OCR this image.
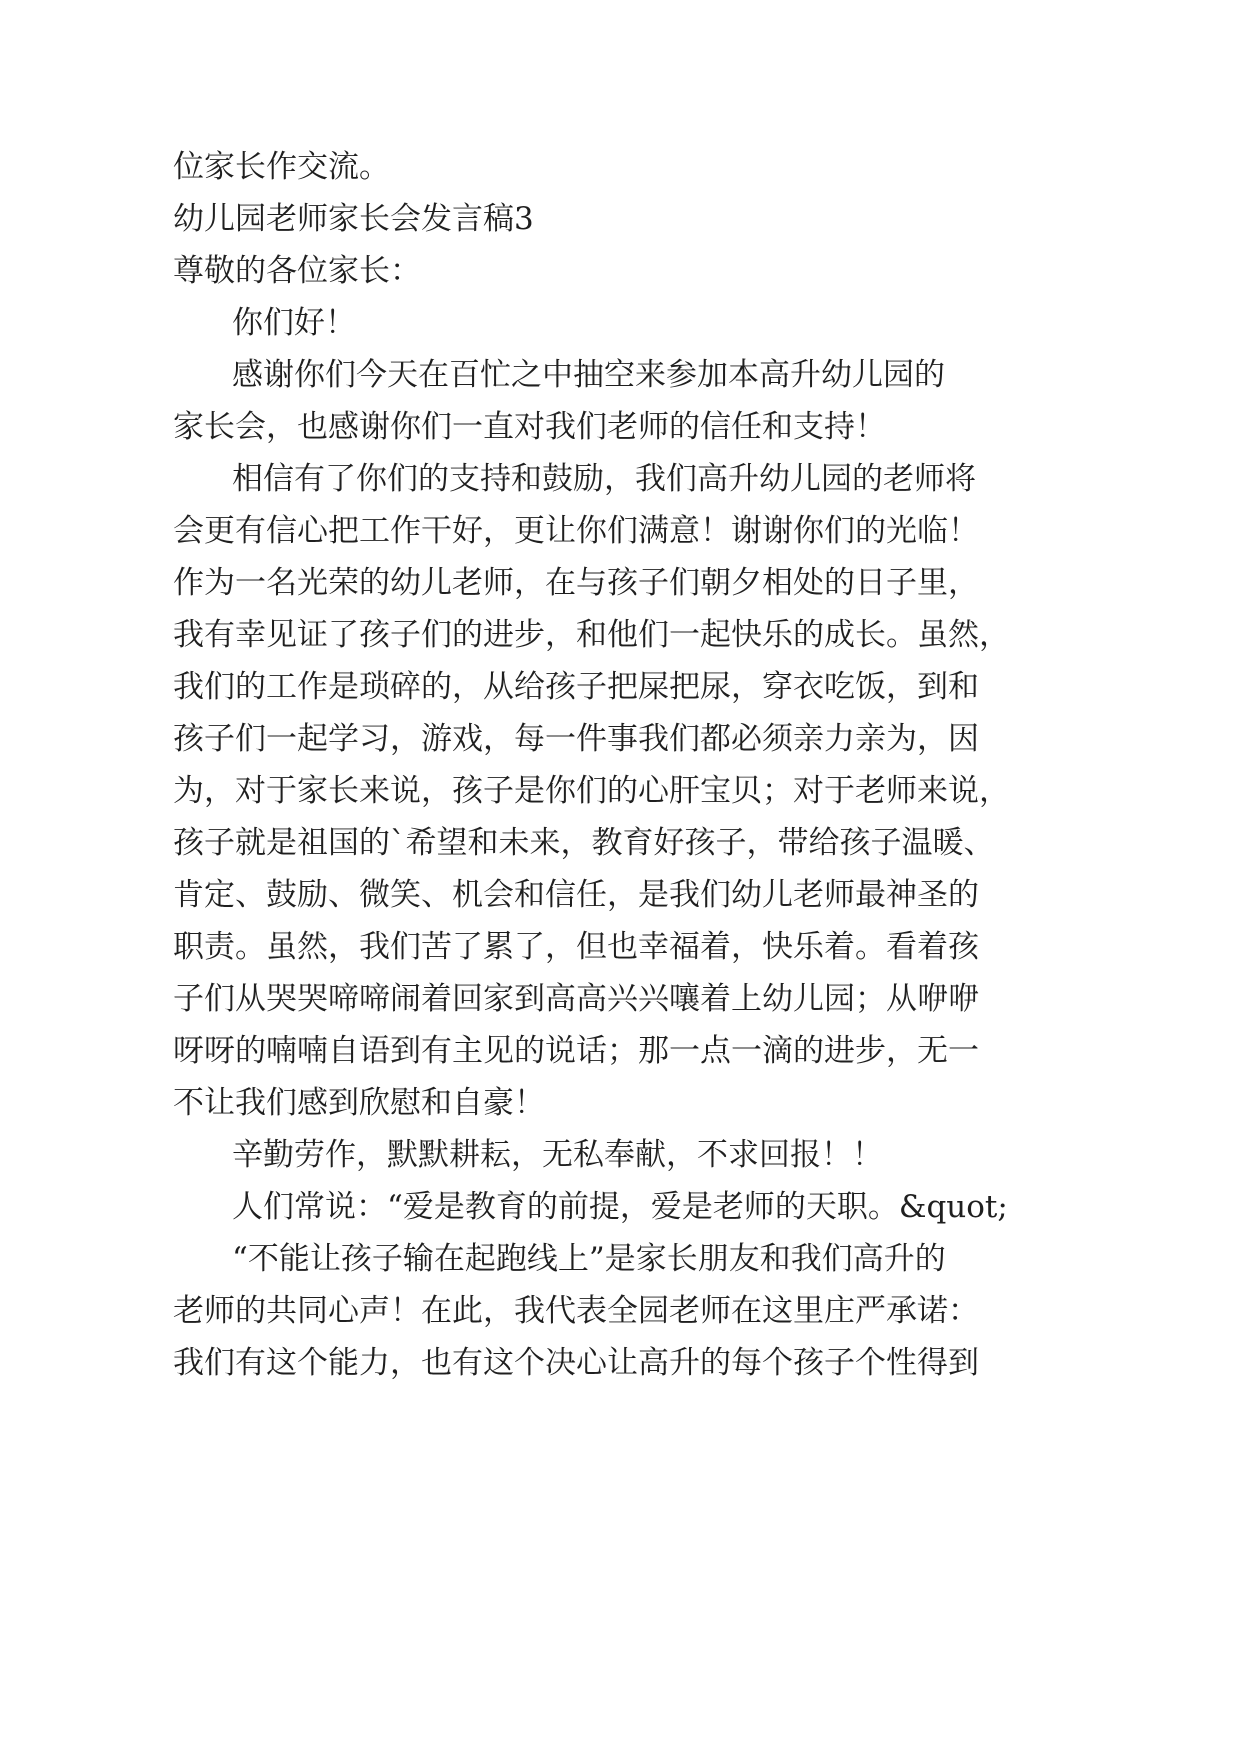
位家长作交流。

幼儿园老师家长会发言稿3

尊敬的各位家长：

你们好！

感谢你们今天在百忙之中抽空来参加本高升幼儿园的

家长会，也感谢你们一直对我们老师的信任和支持！

相信有了你们的支持和鼓励，我们高升幼儿园的老师将

会更有信心把工作干好，更让你们满意！谢谢你们的光临！

作为一名光荣的幼儿老师，在与孩子们朝夕相处的日子里，

我有幸见证了孩子们的进步，和他们一起快乐的成长。虽然，

我们的工作是琐碎的，从给孩子把屎把尿，穿衣吃饭，到和

孩子们一起学习，游戏，每一件事我们都必须亲力亲为，因

为，对于家长来说，孩子是你们的心肝宝贝；对于老师来说，

孩子就是祖国的`希望和未来，教育好孩子，带给孩子温暖、

肯定、鼓励、微笑、机会和信任，是我们幼儿老师最神圣的

职责。虽然，我们苦了累了，但也幸福着，快乐着。看着孩

子们从哭哭啼啼闹着回家到高高兴兴嚷着上幼儿园；从咿咿

呀呀的喃喃自语到有主见的说话；那一点一滴的进步，无一

不让我们感到欣慰和自豪！

辛勤劳作，默默耕耘，无私奉献，不求回报！！

人们常说：“爱是教育的前提，爱是老师的天职。&quot;

“不能让孩子输在起跑线上”是家长朋友和我们高升的

老师的共同心声！在此，我代表全园老师在这里庄严承诺：

我们有这个能力，也有这个决心让高升的每个孩子个性得到
